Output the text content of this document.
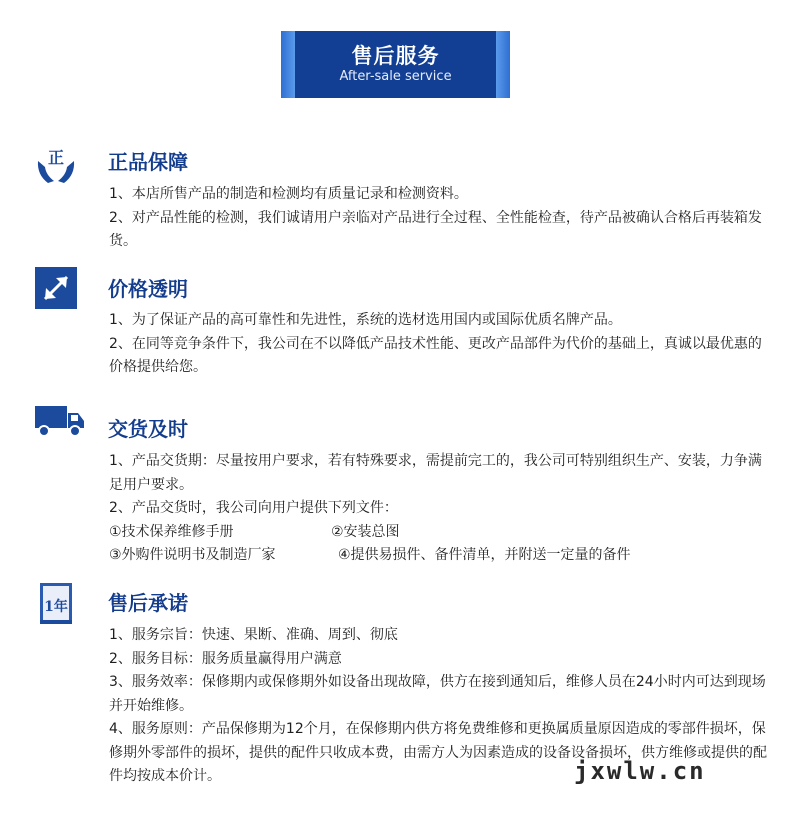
售后服务
After-sale service
正 正品保障
1、本店所售产品的制造和检测均有质量记录和检测资料。
2、对产品性能的检测，我们诚请用户亲临对产品进行全过程、全性能检查，待产品被确认合格后再装箱发货。
价格透明
1、为了保证产品的高可靠性和先进性，系统的选材选用国内或国际优质名牌产品。
2、在同等竞争条件下，我公司在不以降低产品技术性能、更改产品部件为代价的基础上，真诚以最优惠的价格提供给您。
交货及时
1、产品交货期：尽量按用户要求，若有特殊要求，需提前完工的，我公司可特别组织生产、安装，力争满足用户要求。
2、产品交货时，我公司向用户提供下列文件：
①技术保养维修手册	②安装总图
③外购件说明书及制造厂家	④提供易损件、备件清单，并附送一定量的备件
1年 售后承诺
1、服务宗旨：快速、果断、准确、周到、彻底
2、服务目标：服务质量赢得用户满意
3、服务效率：保修期内或保修期外如设备出现故障，供方在接到通知后，维修人员在24小时内可达到现场并开始维修。
4、服务原则：产品保修期为12个月，在保修期内供方将免费维修和更换属质量原因造成的零部件损坏，保修期外零部件的损坏，提供的配件只收成本费，由需方人为因素造成的设备设备损坏，供方维修或提供的配件均按成本价计。	jxwlw.cn
